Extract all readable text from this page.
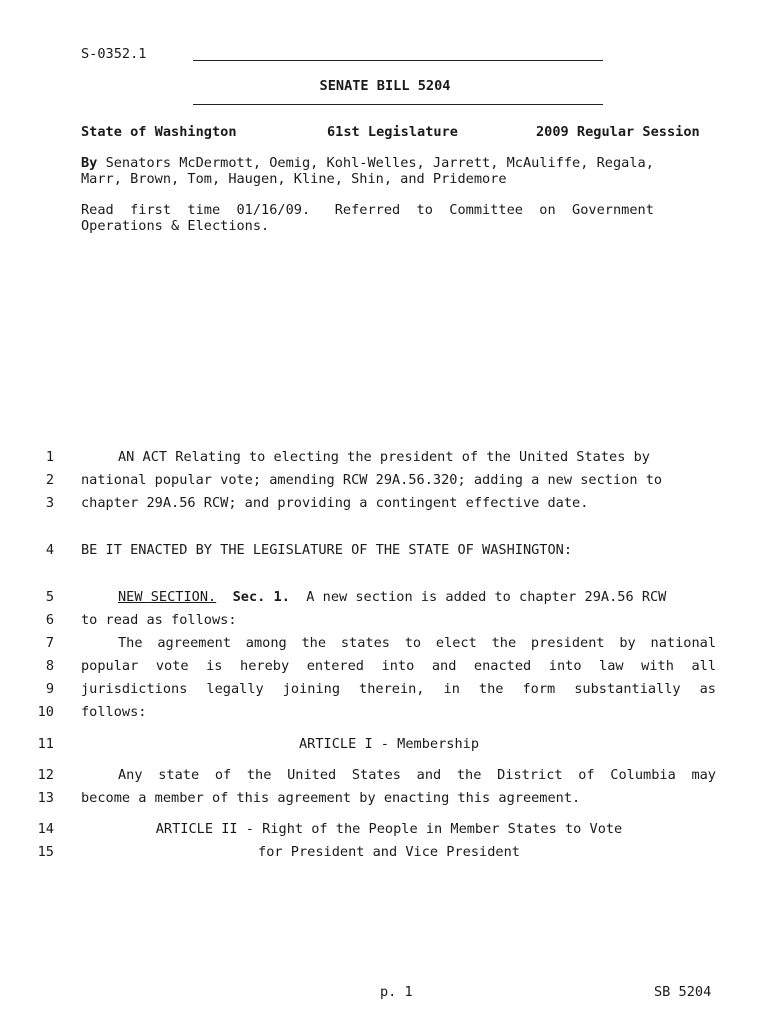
S-0352.1
SENATE BILL 5204
State of Washington	61st Legislature	2009 Regular Session
By Senators McDermott, Oemig, Kohl-Welles, Jarrett, McAuliffe, Regala,
Marr, Brown, Tom, Haugen, Kline, Shin, and Pridemore
Read  first  time  01/16/09.   Referred  to  Committee  on  Government
Operations & Elections.
1	AN ACT Relating to electing the president of the United States by
2 national popular vote; amending RCW 29A.56.320; adding a new section to
3 chapter 29A.56 RCW; and providing a contingent effective date.
4 BE IT ENACTED BY THE LEGISLATURE OF THE STATE OF WASHINGTON:
5	NEW SECTION. Sec. 1. A new section is added to chapter 29A.56 RCW
6 to read as follows:
7	The agreement among the states to elect the president by national
8 popular vote is hereby entered into and enacted into law with all
9 jurisdictions legally joining therein, in the form substantially as
10 follows:
11	ARTICLE I - Membership
12	Any state of the United States and the District of Columbia may
13 become a member of this agreement by enacting this agreement.
14	ARTICLE II - Right of the People in Member States to Vote
15	for President and Vice President
p. 1	SB 5204
